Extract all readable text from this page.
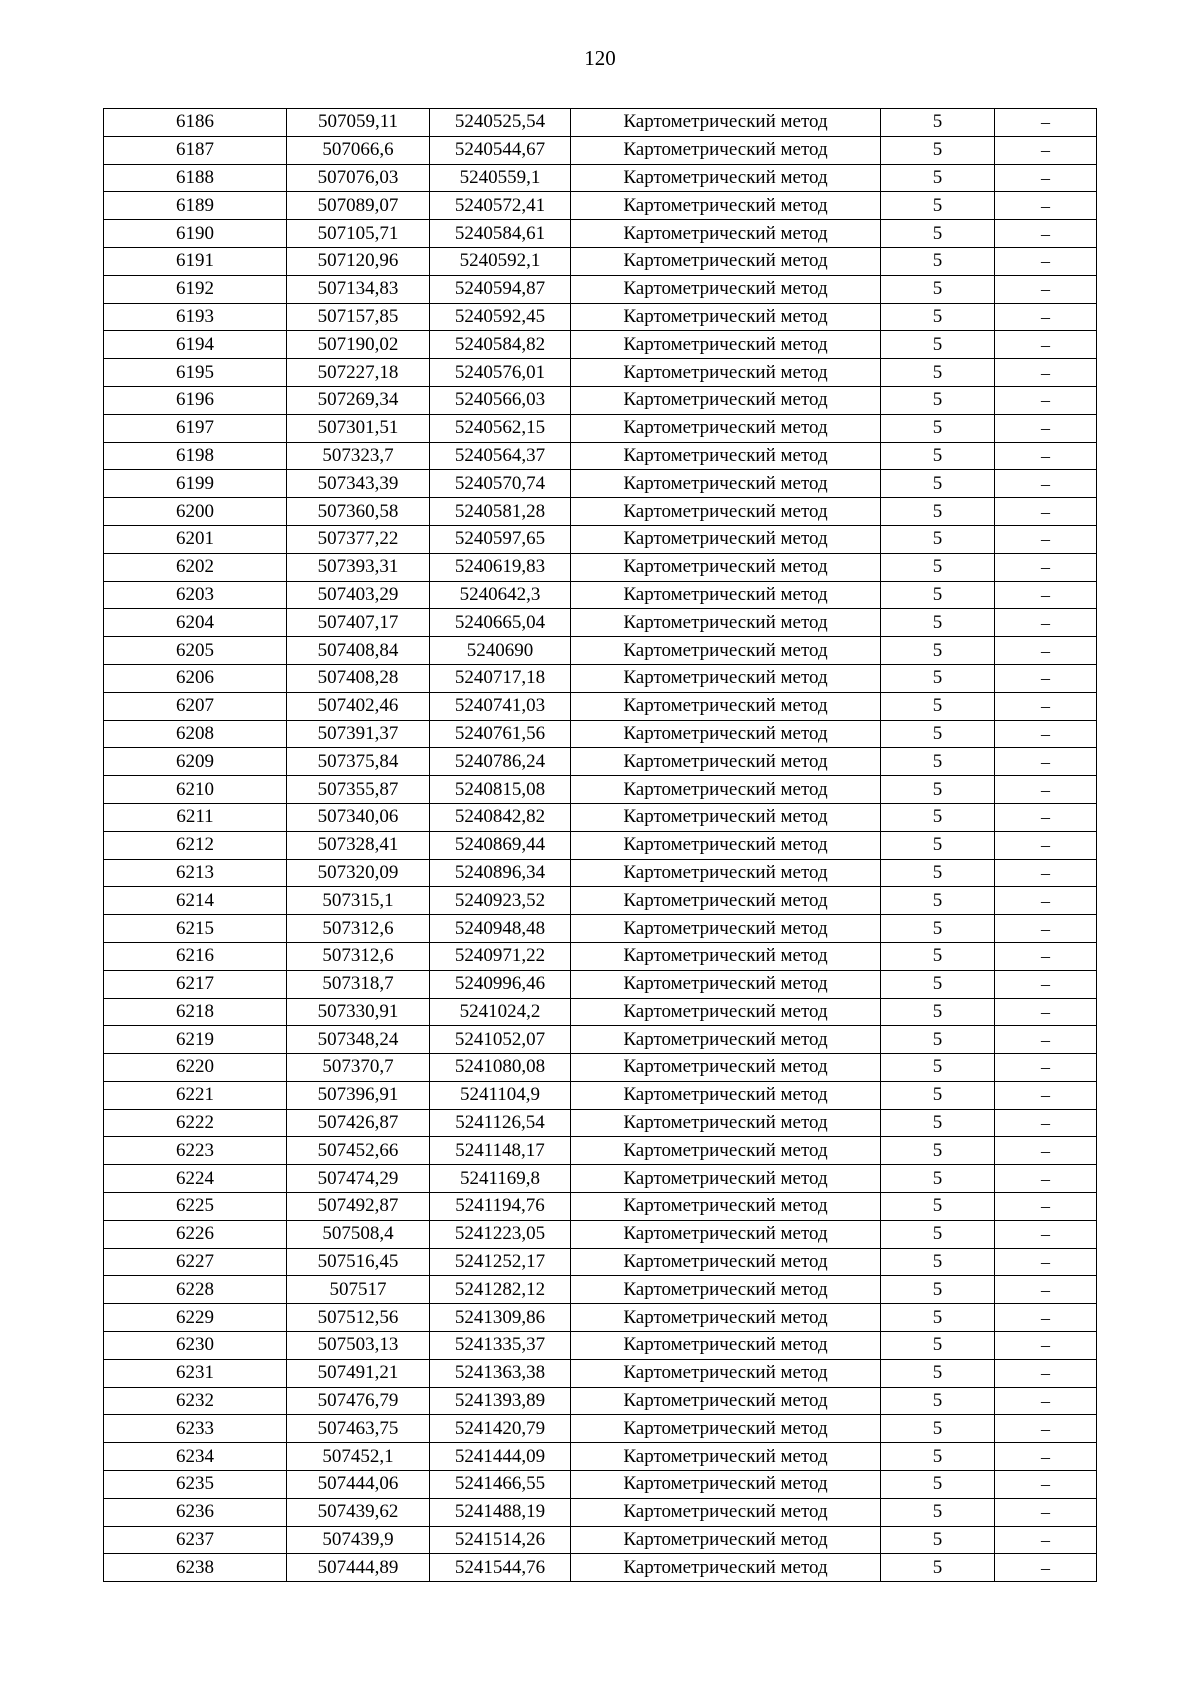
120
6186	507059,11	5240525,54	Картометрический метод	5	–
6187	507066,6	5240544,67	Картометрический метод	5	–
6188	507076,03	5240559,1	Картометрический метод	5	–
6189	507089,07	5240572,41	Картометрический метод	5	–
6190	507105,71	5240584,61	Картометрический метод	5	–
6191	507120,96	5240592,1	Картометрический метод	5	–
6192	507134,83	5240594,87	Картометрический метод	5	–
6193	507157,85	5240592,45	Картометрический метод	5	–
6194	507190,02	5240584,82	Картометрический метод	5	–
6195	507227,18	5240576,01	Картометрический метод	5	–
6196	507269,34	5240566,03	Картометрический метод	5	–
6197	507301,51	5240562,15	Картометрический метод	5	–
6198	507323,7	5240564,37	Картометрический метод	5	–
6199	507343,39	5240570,74	Картометрический метод	5	–
6200	507360,58	5240581,28	Картометрический метод	5	–
6201	507377,22	5240597,65	Картометрический метод	5	–
6202	507393,31	5240619,83	Картометрический метод	5	–
6203	507403,29	5240642,3	Картометрический метод	5	–
6204	507407,17	5240665,04	Картометрический метод	5	–
6205	507408,84	5240690	Картометрический метод	5	–
6206	507408,28	5240717,18	Картометрический метод	5	–
6207	507402,46	5240741,03	Картометрический метод	5	–
6208	507391,37	5240761,56	Картометрический метод	5	–
6209	507375,84	5240786,24	Картометрический метод	5	–
6210	507355,87	5240815,08	Картометрический метод	5	–
6211	507340,06	5240842,82	Картометрический метод	5	–
6212	507328,41	5240869,44	Картометрический метод	5	–
6213	507320,09	5240896,34	Картометрический метод	5	–
6214	507315,1	5240923,52	Картометрический метод	5	–
6215	507312,6	5240948,48	Картометрический метод	5	–
6216	507312,6	5240971,22	Картометрический метод	5	–
6217	507318,7	5240996,46	Картометрический метод	5	–
6218	507330,91	5241024,2	Картометрический метод	5	–
6219	507348,24	5241052,07	Картометрический метод	5	–
6220	507370,7	5241080,08	Картометрический метод	5	–
6221	507396,91	5241104,9	Картометрический метод	5	–
6222	507426,87	5241126,54	Картометрический метод	5	–
6223	507452,66	5241148,17	Картометрический метод	5	–
6224	507474,29	5241169,8	Картометрический метод	5	–
6225	507492,87	5241194,76	Картометрический метод	5	–
6226	507508,4	5241223,05	Картометрический метод	5	–
6227	507516,45	5241252,17	Картометрический метод	5	–
6228	507517	5241282,12	Картометрический метод	5	–
6229	507512,56	5241309,86	Картометрический метод	5	–
6230	507503,13	5241335,37	Картометрический метод	5	–
6231	507491,21	5241363,38	Картометрический метод	5	–
6232	507476,79	5241393,89	Картометрический метод	5	–
6233	507463,75	5241420,79	Картометрический метод	5	–
6234	507452,1	5241444,09	Картометрический метод	5	–
6235	507444,06	5241466,55	Картометрический метод	5	–
6236	507439,62	5241488,19	Картометрический метод	5	–
6237	507439,9	5241514,26	Картометрический метод	5	–
6238	507444,89	5241544,76	Картометрический метод	5	–
